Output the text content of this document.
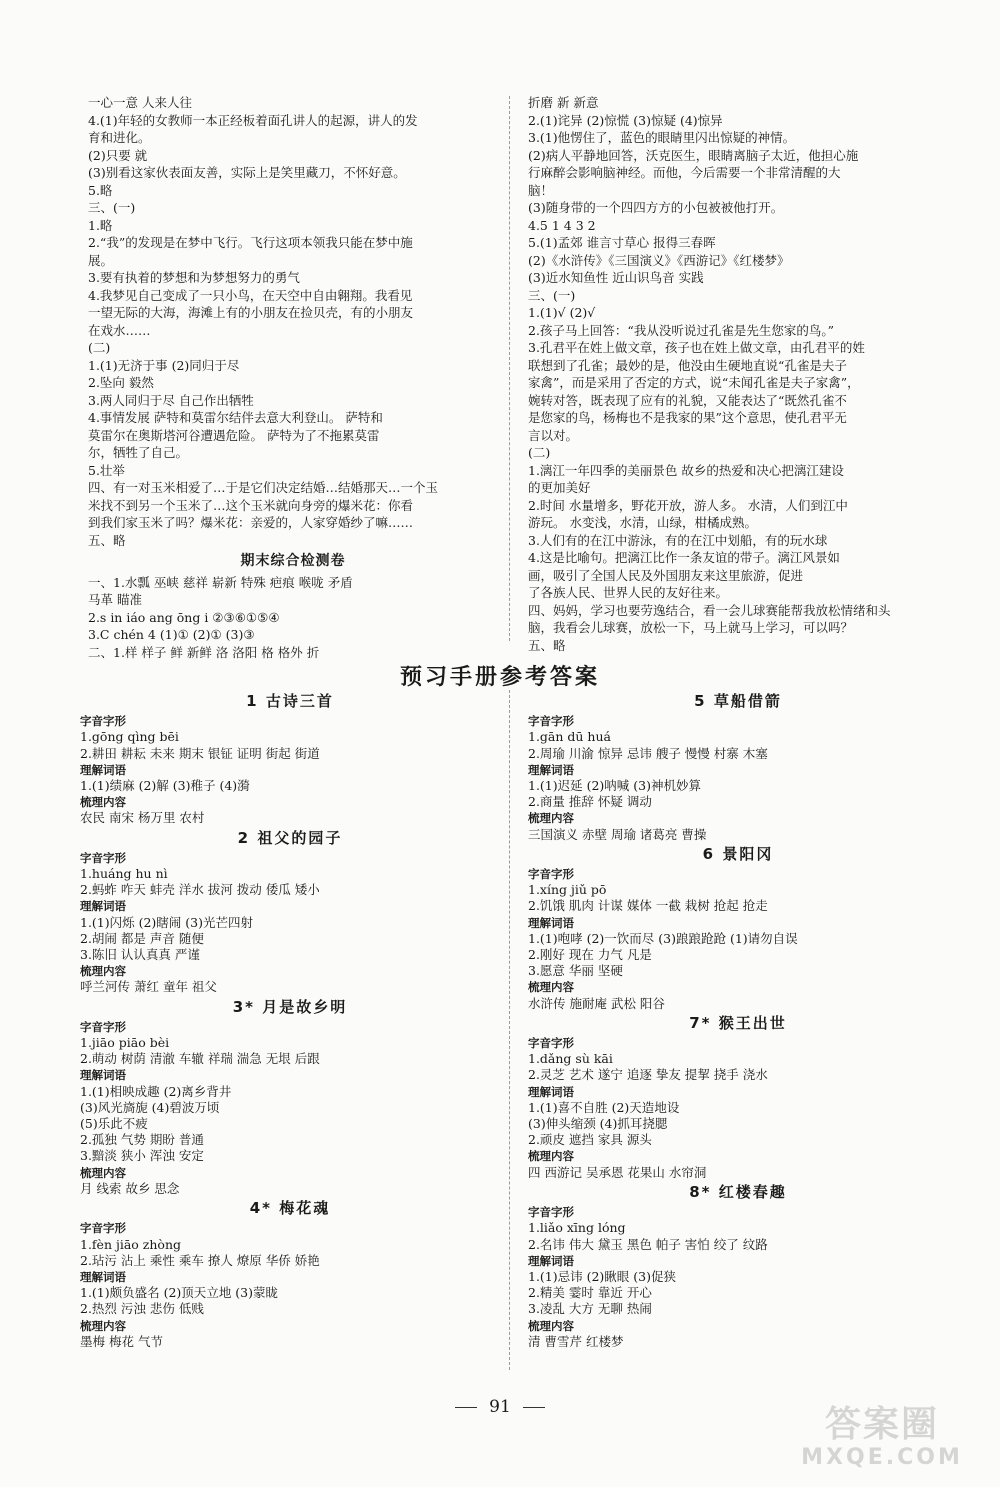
一心一意 人来人往
4.(1)年轻的女教师一本正经板着面孔讲人的起源，讲人的发
育和进化。
(2)只要 就
(3)别看这家伙表面友善，实际上是笑里藏刀，不怀好意。
5.略
三、(一)
1.略
2.“我”的发现是在梦中飞行。飞行这项本领我只能在梦中施
展。
3.要有执着的梦想和为梦想努力的勇气
4.我梦见自己变成了一只小鸟，在天空中自由翱翔。我看见
一望无际的大海，海滩上有的小朋友在捡贝壳，有的小朋友
在戏水……
(二)
1.(1)无济于事 (2)同归于尽
2.坠向 毅然
3.两人同归于尽 自己作出牺牲
4.事情发展 萨特和莫雷尔结伴去意大利登山。 萨特和
莫雷尔在奥斯塔河谷遭遇危险。 萨特为了不拖累莫雷
尔，牺牲了自己。
5.壮举
四、有一对玉米相爱了…于是它们决定结婚…结婚那天…一个玉
米找不到另一个玉米了…这个玉米就向身旁的爆米花：你看
到我们家玉米了吗？爆米花：亲爱的，人家穿婚纱了嘛……
五、略
期末综合检测卷
一、1.水瓢 巫峡 慈祥 崭新 特殊 疤痕 喉咙 矛盾
马革 瞄准
2.s in iáo ang ōng i ②③⑥①⑤④
3.C chén 4 (1)① (2)① (3)③
二、1.样 样子 鲜 新鲜 洛 洛阳 格 格外 折
折磨 新 新意
2.(1)诧异 (2)惊慌 (3)惊疑 (4)惊异
3.(1)他愣住了，蓝色的眼睛里闪出惊疑的神情。
(2)病人平静地回答，沃克医生，眼睛离脑子太近，他担心施
行麻醉会影响脑神经。而他，今后需要一个非常清醒的大
脑！
(3)随身带的一个四四方方的小包被被他打开。
4.5 1 4 3 2
5.(1)孟郊 谁言寸草心 报得三春晖
(2)《水浒传》《三国演义》《西游记》《红楼梦》
(3)近水知鱼性 近山识鸟音 实践
三、(一)
1.(1)√ (2)√
2.孩子马上回答：“我从没听说过孔雀是先生您家的鸟。”
3.孔君平在姓上做文章，孩子也在姓上做文章，由孔君平的姓
联想到了孔雀；最妙的是，他没由生硬地直说“孔雀是夫子
家禽”，而是采用了否定的方式，说“未闻孔雀是夫子家禽”，
婉转对答，既表现了应有的礼貌，又能表达了“既然孔雀不
是您家的鸟，杨梅也不是我家的果”这个意思，使孔君平无
言以对。
(二)
1.漓江一年四季的美丽景色 故乡的热爱和决心把漓江建设
的更加美好
2.时间 水量增多，野花开放，游人多。 水清，人们到江中
游玩。 水变浅，水清，山绿，柑橘成熟。
3.人们有的在江中游泳，有的在江中划船，有的玩水球
4.这是比喻句。把漓江比作一条友谊的带子。漓江风景如
画，吸引了全国人民及外国朋友来这里旅游，促进
了各族人民、世界人民的友好往来。
四、妈妈，学习也要劳逸结合，看一会儿球赛能帮我放松情绪和头
脑，我看会儿球赛，放松一下，马上就马上学习，可以吗？
五、略
预习手册参考答案
1 古诗三首
字音字形
1.gōng qìng bēi
2.耕田 耕耘 未来 期末 银钲 证明 街起 街道
理解词语
1.(1)绩麻 (2)解 (3)稚子 (4)漪
梳理内容
农民 南宋 杨万里 农村
2 祖父的园子
字音字形
1.huáng hu nì
2.蚂蚱 咋天 蚌壳 洋水 拔河 拨动 倭瓜 矮小
理解词语
1.(1)闪烁 (2)瞎闹 (3)光芒四射
2.胡闹 都是 声音 随便
3.陈旧 认认真真 严谨
梳理内容
呼兰河传 萧红 童年 祖父
3* 月是故乡明
字音字形
1.jiāo piāo bèi
2.萌动 树荫 清澈 车辙 祥瑞 湍急 无垠 后跟
理解词语
1.(1)相映成趣 (2)离乡背井
(3)风光旖旎 (4)碧波万顷
(5)乐此不疲
2.孤独 气势 期盼 普通
3.黯淡 狭小 浑浊 安定
梳理内容
月 线索 故乡 思念
4* 梅花魂
字音字形
1.fèn jiāo zhòng
2.玷污 沾上 乘性 乘车 撩人 燎原 华侨 娇艳
理解词语
1.(1)颇负盛名 (2)顶天立地 (3)蒙眬
2.热烈 污浊 悲伤 低贱
梳理内容
墨梅 梅花 气节
5 草船借箭
字音字形
1.gān dū huá
2.周瑜 川渝 惊异 忌讳 艘子 慢慢 村寨 木塞
理解词语
1.(1)迟延 (2)呐喊 (3)神机妙算
2.商量 推辞 怀疑 调动
梳理内容
三国演义 赤壁 周瑜 诸葛亮 曹操
6 景阳冈
字音字形
1.xíng jiǔ pō
2.饥饿 肌肉 计谋 媒体 一截 栽树 抢起 抢走
理解词语
1.(1)咆哮 (2)一饮而尽 (3)踉踉跄跄 (1)请勿自误
2.刚好 现在 力气 凡是
3.愿意 华丽 坚硬
梳理内容
水浒传 施耐庵 武松 阳谷
7* 猴王出世
字音字形
1.dǎng sù kāi
2.灵芝 艺术 遂宁 追逐 挚友 提挈 挠手 浇水
理解词语
1.(1)喜不自胜 (2)天造地设
(3)伸头缩颈 (4)抓耳挠腮
2.顽皮 遮挡 家具 源头
梳理内容
四 西游记 吴承恩 花果山 水帘洞
8* 红楼春趣
字音字形
1.liǎo xīng lóng
2.名讳 伟大 黛玉 黑色 帕子 害怕 绞了 纹路
理解词语
1.(1)忌讳 (2)瞅眼 (3)促狭
2.精美 霎时 靠近 开心
3.凌乱 大方 无聊 热闹
梳理内容
清 曹雪芹 红楼梦
91	答案圈
MXQE.COM
